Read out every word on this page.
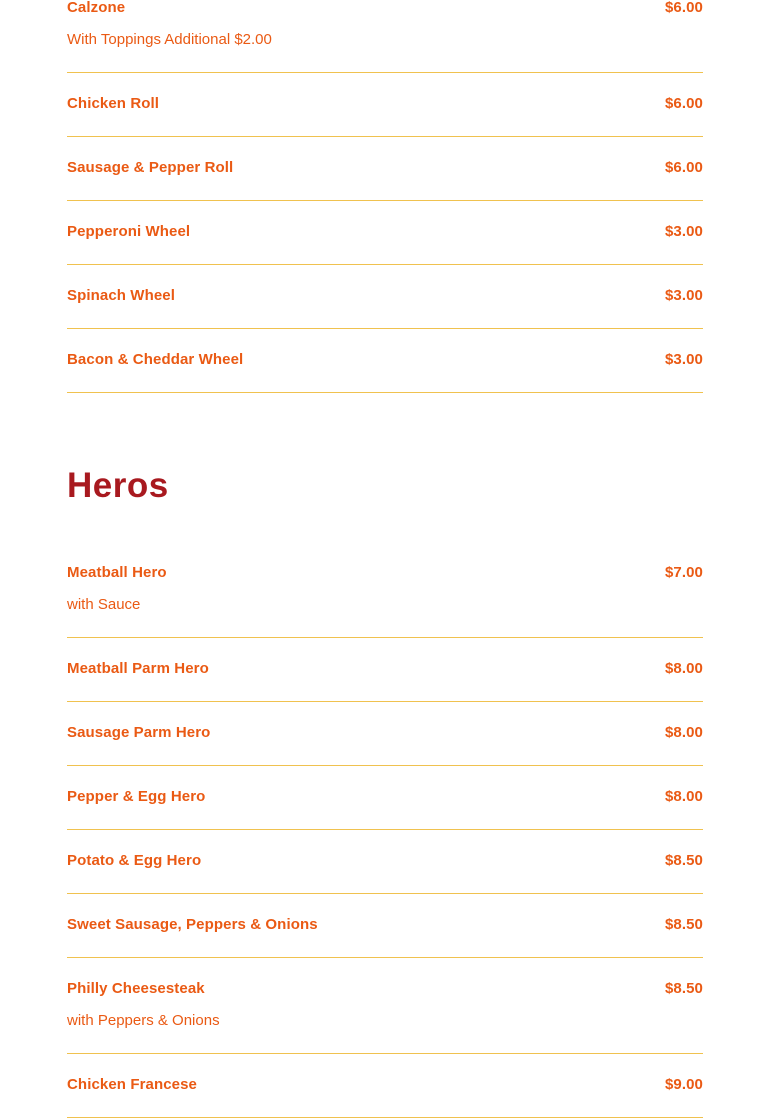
Calzone	$6.00
With Toppings Additional $2.00
Chicken Roll	$6.00
Sausage & Pepper Roll	$6.00
Pepperoni Wheel	$3.00
Spinach Wheel	$3.00
Bacon & Cheddar Wheel	$3.00
Heros
Meatball Hero	$7.00
with Sauce
Meatball Parm Hero	$8.00
Sausage Parm Hero	$8.00
Pepper & Egg Hero	$8.00
Potato & Egg Hero	$8.50
Sweet Sausage, Peppers & Onions	$8.50
Philly Cheesesteak	$8.50
with Peppers & Onions
Chicken Francese	$9.00
